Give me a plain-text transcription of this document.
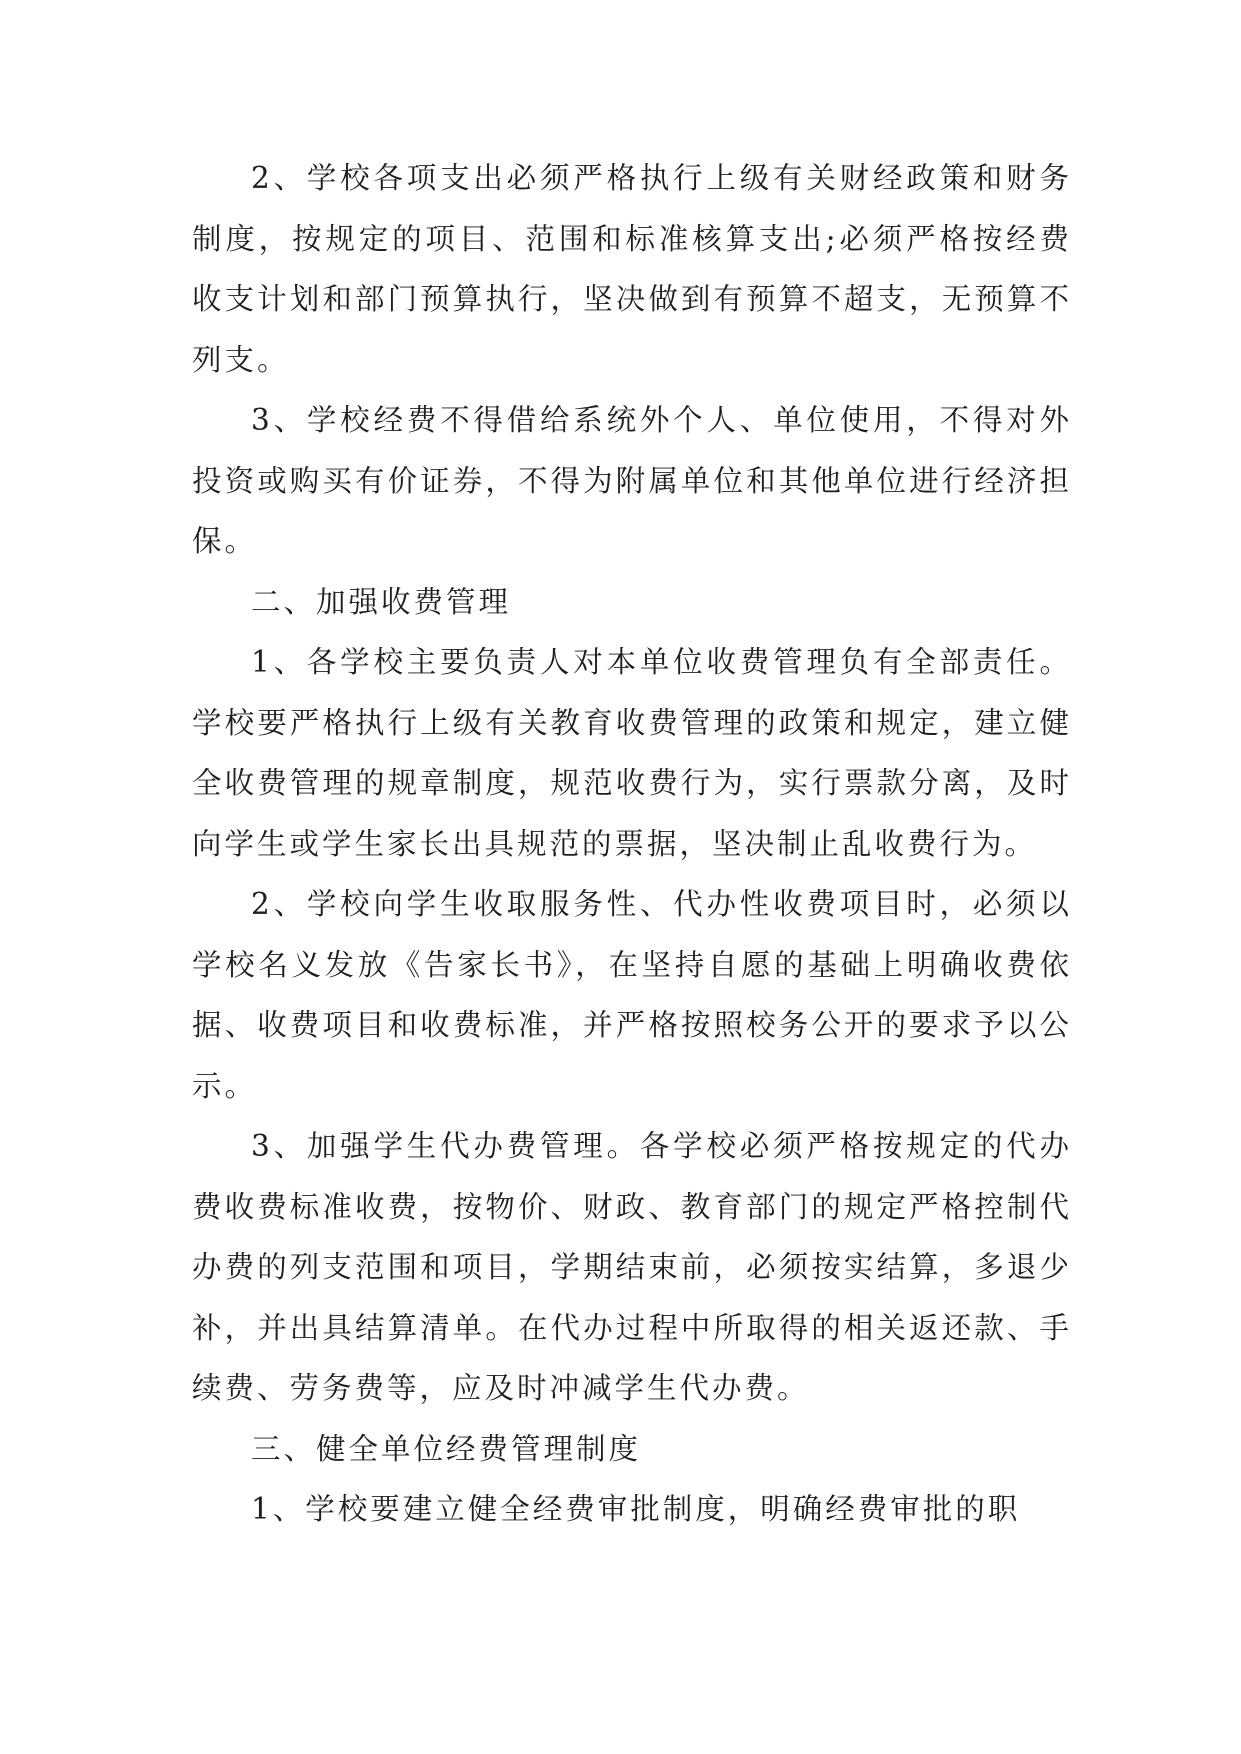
2、学校各项支出必须严格执行上级有关财经政策和财务制度，按规定的项目、范围和标准核算支出;必须严格按经费收支计划和部门预算执行，坚决做到有预算不超支，无预算不列支。

3、学校经费不得借给系统外个人、单位使用，不得对外投资或购买有价证券，不得为附属单位和其他单位进行经济担保。

二、加强收费管理

1、各学校主要负责人对本单位收费管理负有全部责任。学校要严格执行上级有关教育收费管理的政策和规定，建立健全收费管理的规章制度，规范收费行为，实行票款分离，及时向学生或学生家长出具规范的票据，坚决制止乱收费行为。

2、学校向学生收取服务性、代办性收费项目时，必须以学校名义发放《告家长书》，在坚持自愿的基础上明确收费依据、收费项目和收费标准，并严格按照校务公开的要求予以公示。

3、加强学生代办费管理。各学校必须严格按规定的代办费收费标准收费，按物价、财政、教育部门的规定严格控制代办费的列支范围和项目，学期结束前，必须按实结算，多退少补，并出具结算清单。在代办过程中所取得的相关返还款、手续费、劳务费等，应及时冲减学生代办费。

三、健全单位经费管理制度

1、学校要建立健全经费审批制度，明确经费审批的职
